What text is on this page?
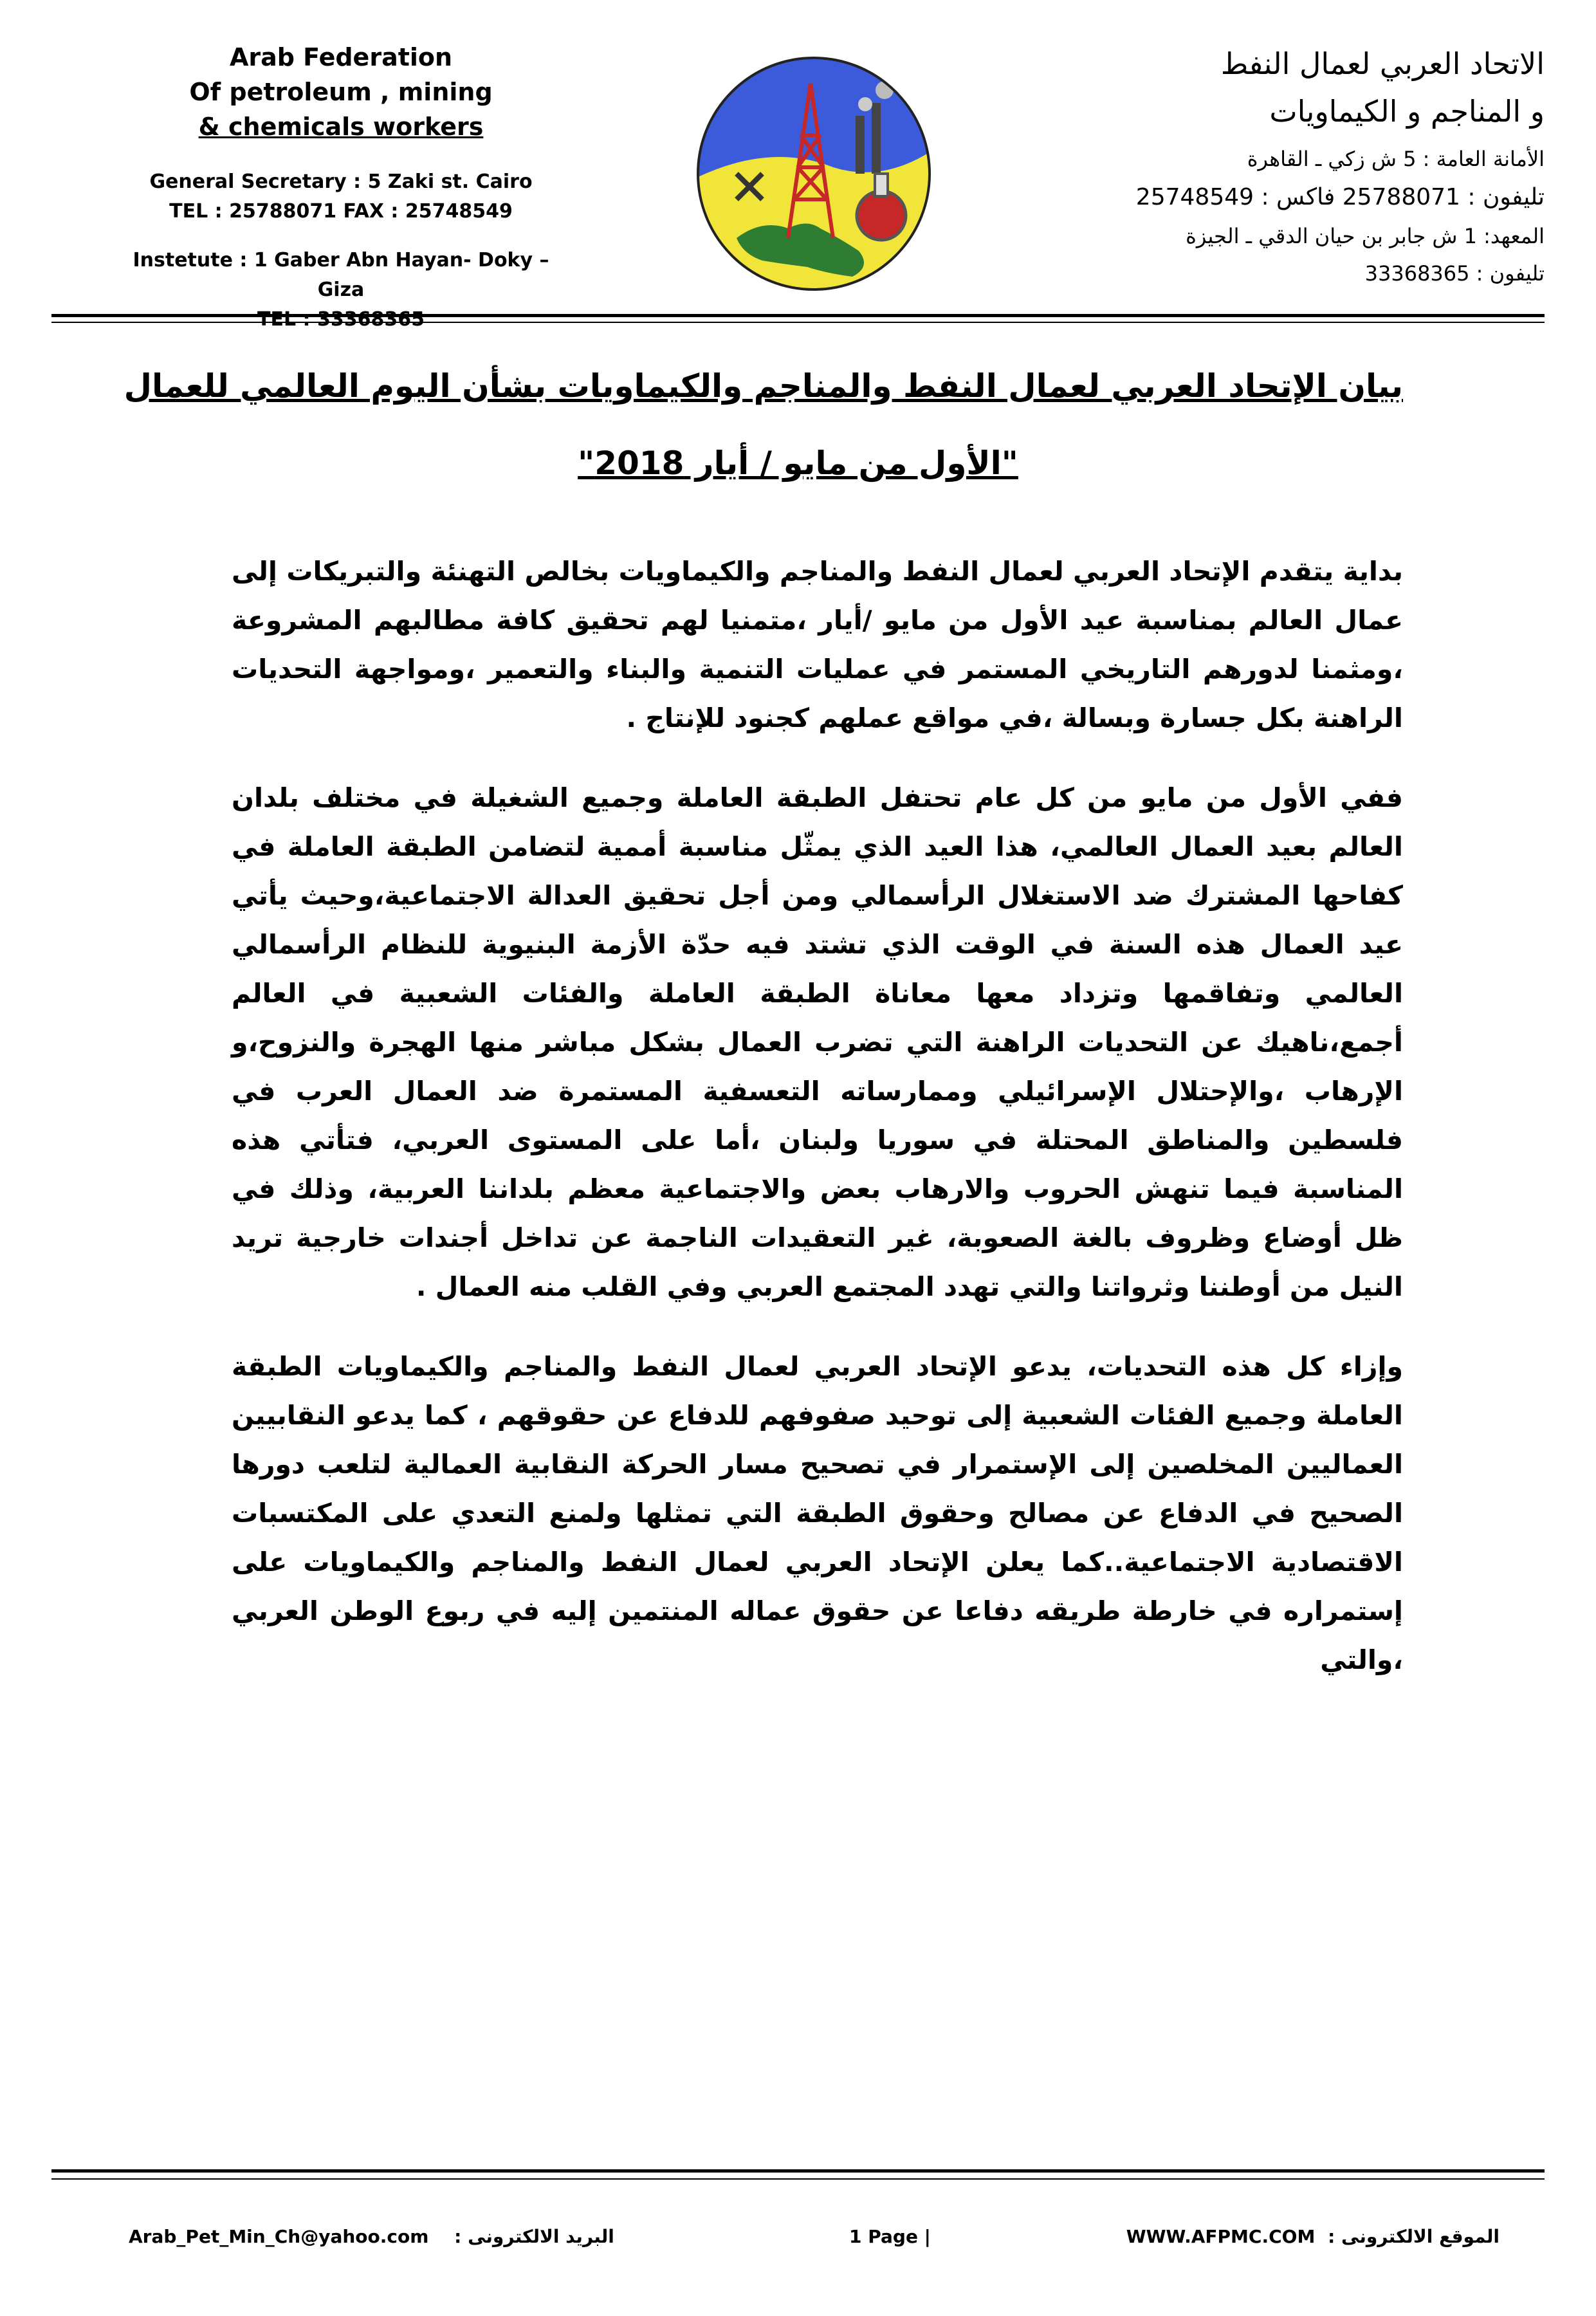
Arab Federation
Of petroleum , mining
& chemicals workers
General Secretary : 5 Zaki st. Cairo
TEL : 25788071 FAX : 25748549
Instetute : 1 Gaber Abn Hayan- Doky – Giza
TEL : 33368365
الاتحاد العربي لعمال النفط
و المناجم و الكيماويات
الأمانة العامة : 5 ش زكي ـ القاهرة
تليفون : 25788071 فاكس : 25748549
المعهد: 1 ش جابر بن حيان الدقي ـ الجيزة
تليفون : 33368365
بيان الإتحاد العربي لعمال النفط والمناجم والكيماويات بشأن اليوم العالمي للعمال
"الأول من مايو / أيار 2018"

بداية يتقدم الإتحاد العربي لعمال النفط والمناجم والكيماويات بخالص التهنئة والتبريكات إلى عمال العالم بمناسبة عيد الأول من مايو /أيار ،متمنيا لهم تحقيق كافة مطالبهم المشروعة ،ومثمنا لدورهم التاريخي المستمر في عمليات التنمية والبناء والتعمير ،ومواجهة التحديات الراهنة بكل جسارة وبسالة ،في مواقع عملهم كجنود للإنتاج .

ففي الأول من مايو من كل عام تحتفل الطبقة العاملة وجميع الشغيلة في مختلف بلدان العالم بعيد العمال العالمي، هذا العيد الذي يمثّل مناسبة أممية لتضامن الطبقة العاملة في كفاحها المشترك ضد الاستغلال الرأسمالي ومن أجل تحقيق العدالة الاجتماعية،وحيث يأتي عيد العمال هذه السنة في الوقت الذي تشتد فيه حدّة الأزمة البنيوية للنظام الرأسمالي العالمي وتفاقمها وتزداد معها معاناة الطبقة العاملة والفئات الشعبية في العالم أجمع،ناهيك عن التحديات الراهنة التي تضرب العمال بشكل مباشر منها الهجرة والنزوح،و الإرهاب ،والإحتلال الإسرائيلي وممارساته التعسفية المستمرة ضد العمال العرب في فلسطين والمناطق المحتلة في سوريا ولبنان ،أما على المستوى العربي، فتأتي هذه المناسبة فيما تنهش الحروب والارهاب بعض والاجتماعية معظم بلداننا العربية، وذلك في ظل أوضاع وظروف بالغة الصعوبة، غير التعقيدات الناجمة عن تداخل أجندات خارجية تريد النيل من أوطننا وثرواتنا والتي تهدد المجتمع العربي وفي القلب منه العمال .

وإزاء كل هذه التحديات، يدعو الإتحاد العربي لعمال النفط والمناجم والكيماويات الطبقة العاملة وجميع الفئات الشعبية إلى توحيد صفوفهم للدفاع عن حقوقهم ، كما يدعو النقابيين العماليين المخلصين إلى الإستمرار في تصحيح مسار الحركة النقابية العمالية لتلعب دورها الصحيح في الدفاع عن مصالح وحقوق الطبقة التي تمثلها ولمنع التعدي على المكتسبات الاقتصادية الاجتماعية..كما يعلن الإتحاد العربي لعمال النفط والمناجم والكيماويات على إستمراره في خارطة طريقه دفاعا عن حقوق عماله المنتمين إليه في ربوع الوطن العربي ،والتي

Arab_Pet_Min_Ch@yahoo.com البريد الالكترونى :	1 Page |	الموقع الالكترونى : WWW.AFPMC.COM
